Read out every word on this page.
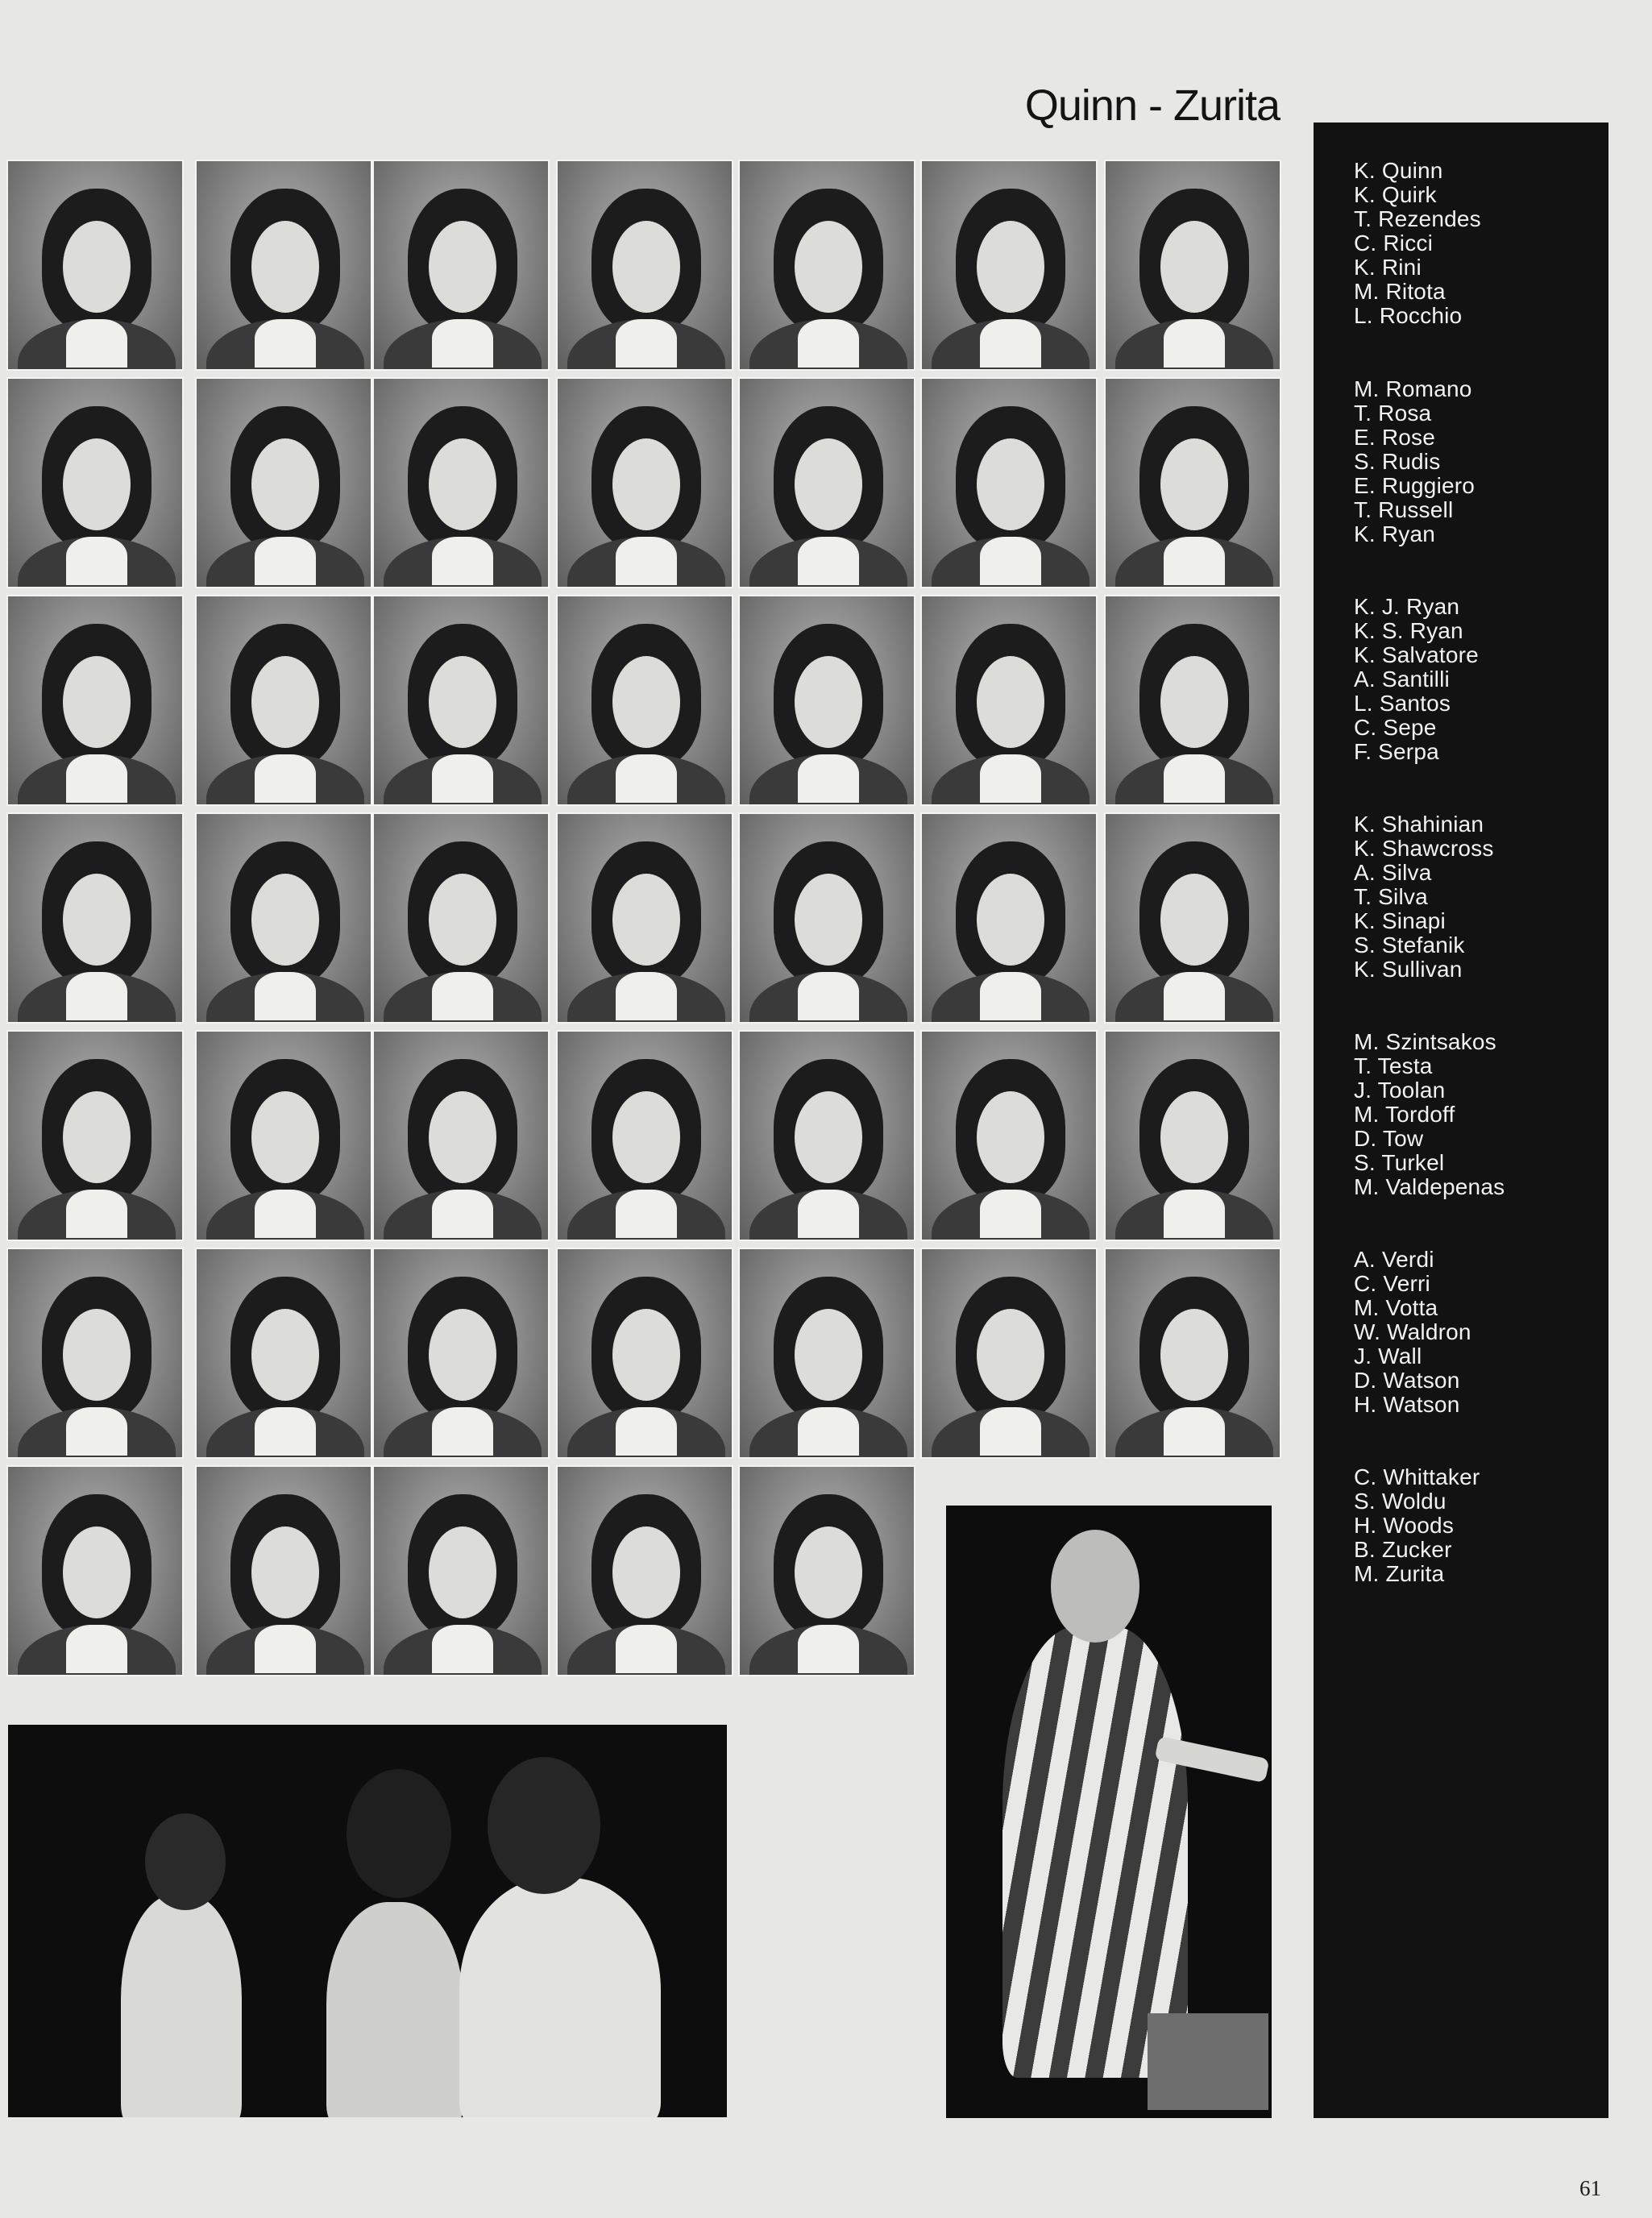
Quinn - Zurita
K. Quinn
K. Quirk
T. Rezendes
C. Ricci
K. Rini
M. Ritota
L. Rocchio
M. Romano
T. Rosa
E. Rose
S. Rudis
E. Ruggiero
T. Russell
K. Ryan
K. J. Ryan
K. S. Ryan
K. Salvatore
A. Santilli
L. Santos
C. Sepe
F. Serpa
K. Shahinian
K. Shawcross
A. Silva
T. Silva
K. Sinapi
S. Stefanik
K. Sullivan
M. Szintsakos
T. Testa
J. Toolan
M. Tordoff
D. Tow
S. Turkel
M. Valdepenas
A. Verdi
C. Verri
M. Votta
W. Waldron
J. Wall
D. Watson
H. Watson
C. Whittaker
S. Woldu
H. Woods
B. Zucker
M. Zurita
61
